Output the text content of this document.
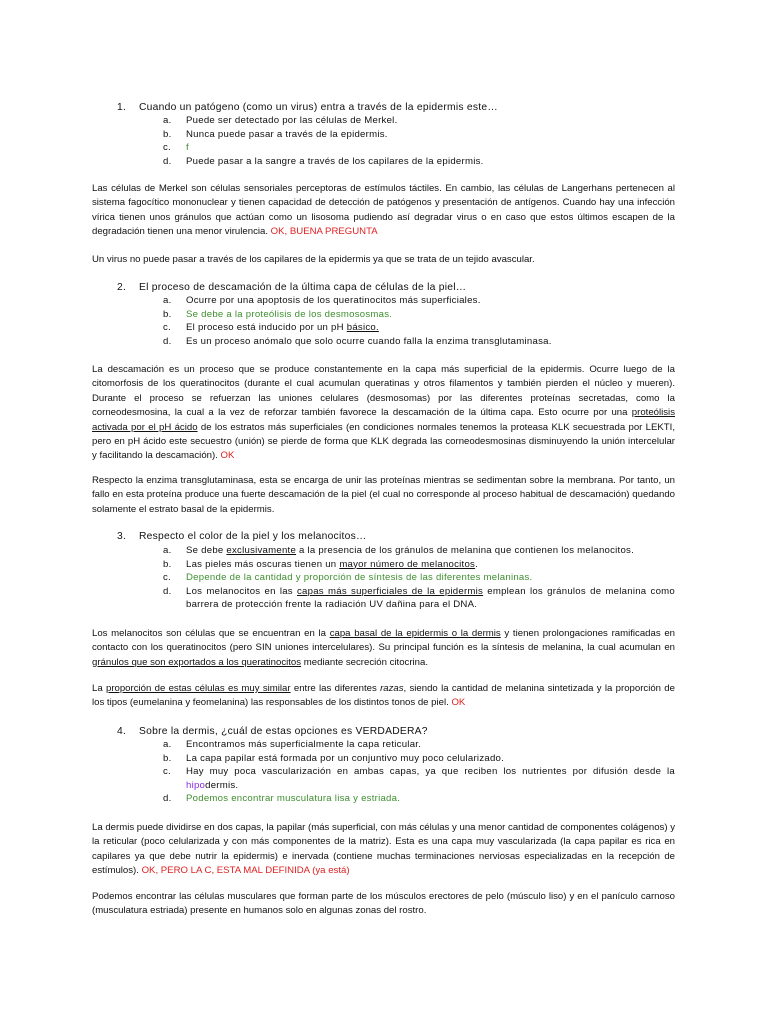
1. Cuando un patógeno (como un virus) entra a través de la epidermis este…
a. Puede ser detectado por las células de Merkel.
b. Nunca puede pasar a través de la epidermis.
c. f
d. Puede pasar a la sangre a través de los capilares de la epidermis.

Las células de Merkel son células sensoriales perceptoras de estímulos táctiles. En cambio, las células de Langerhans pertenecen al sistema fagocítico mononuclear y tienen capacidad de detección de patógenos y presentación de antígenos. Cuando hay una infección vírica tienen unos gránulos que actúan como un lisosoma pudiendo así degradar virus o en caso que estos últimos escapen de la degradación tienen una menor virulencia. OK, BUENA PREGUNTA

Un virus no puede pasar a través de los capilares de la epidermis ya que se trata de un tejido avascular.

2. El proceso de descamación de la última capa de células de la piel…
a. Ocurre por una apoptosis de los queratinocitos más superficiales.
b. Se debe a la proteólisis de los desmososmas.
c. El proceso está inducido por un pH básico.
d. Es un proceso anómalo que solo ocurre cuando falla la enzima transglutaminasa.

La descamación es un proceso que se produce constantemente en la capa más superficial de la epidermis. Ocurre luego de la citomorfosis de los queratinocitos (durante el cual acumulan queratinas y otros filamentos y también pierden el núcleo y mueren). Durante el proceso se refuerzan las uniones celulares (desmosomas) por las diferentes proteínas secretadas, como la corneodesmosina, la cual a la vez de reforzar también favorece la descamación de la última capa. Esto ocurre por una proteólisis activada por el pH ácido de los estratos más superficiales (en condiciones normales tenemos la proteasa KLK secuestrada por LEKTI, pero en pH ácido este secuestro (unión) se pierde de forma que KLK degrada las corneodesmosinas disminuyendo la unión intercelular y facilitando la descamación). OK

Respecto la enzima transglutaminasa, esta se encarga de unir las proteínas mientras se sedimentan sobre la membrana. Por tanto, un fallo en esta proteína produce una fuerte descamación de la piel (el cual no corresponde al proceso habitual de descamación) quedando solamente el estrato basal de la epidermis.

3. Respecto el color de la piel y los melanocitos…
a. Se debe exclusivamente a la presencia de los gránulos de melanina que contienen los melanocitos.
b. Las pieles más oscuras tienen un mayor número de melanocitos.
c. Depende de la cantidad y proporción de síntesis de las diferentes melaninas.
d. Los melanocitos en las capas más superficiales de la epidermis emplean los gránulos de melanina como barrera de protección frente la radiación UV dañina para el DNA.

Los melanocitos son células que se encuentran en la capa basal de la epidermis o la dermis y tienen prolongaciones ramificadas en contacto con los queratinocitos (pero SIN uniones intercelulares). Su principal función es la síntesis de melanina, la cual acumulan en gránulos que son exportados a los queratinocitos mediante secreción citocrina.

La proporción de estas células es muy similar entre las diferentes razas, siendo la cantidad de melanina sintetizada y la proporción de los tipos (eumelanina y feomelanina) las responsables de los distintos tonos de piel. OK

4. Sobre la dermis, ¿cuál de estas opciones es VERDADERA?
a. Encontramos más superficialmente la capa reticular.
b. La capa papilar está formada por un conjuntivo muy poco celularizado.
c. Hay muy poca vascularización en ambas capas, ya que reciben los nutrientes por difusión desde la hipodermis.
d. Podemos encontrar musculatura lisa y estriada.

La dermis puede dividirse en dos capas, la papilar (más superficial, con más células y una menor cantidad de componentes colágenos) y la reticular (poco celularizada y con más componentes de la matriz). Esta es una capa muy vascularizada (la capa papilar es rica en capilares ya que debe nutrir la epidermis) e inervada (contiene muchas terminaciones nerviosas especializadas en la recepción de estímulos). OK, PERO LA C, ESTA MAL DEFINIDA (ya está)

Podemos encontrar las células musculares que forman parte de los músculos erectores de pelo (músculo liso) y en el panículo carnoso (musculatura estriada) presente en humanos solo en algunas zonas del rostro.
